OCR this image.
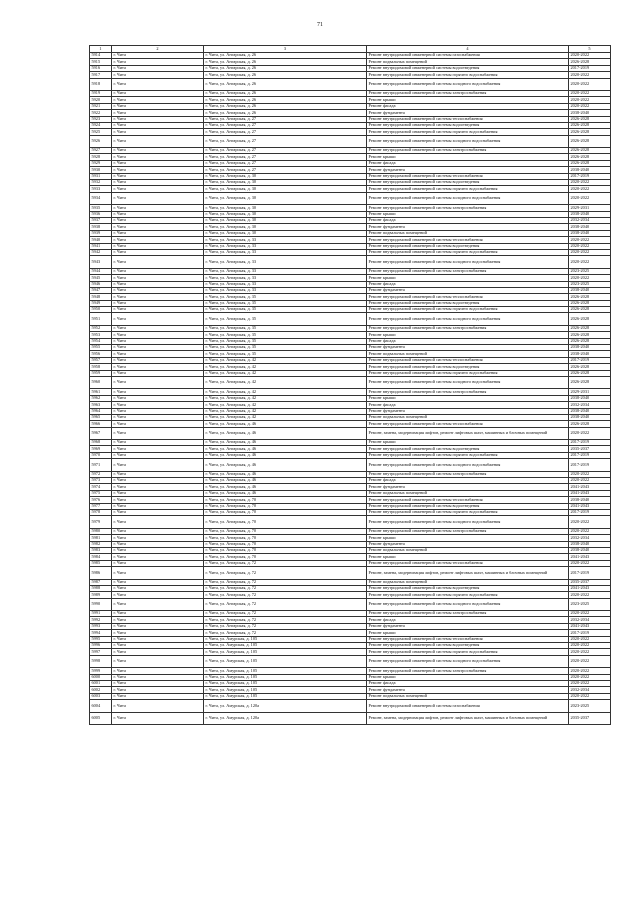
71
1	2	3	4	5
5914	г. Чита	г. Чита, ул. Ангарская, д. 26	Ремонт внутридомовой инженерной системы газоснабжения	2020-2022
5915	г. Чита	г. Чита, ул. Ангарская, д. 26	Ремонт подвальных помещений	2026-2028
5916	г. Чита	г. Чита, ул. Ангарская, д. 26	Ремонт внутридомовой инженерной системы водоотведения	2017-2019
5917	г. Чита	г. Чита, ул. Ангарская, д. 26	Ремонт внутридомовой инженерной системы горячего водоснабжения	2020-2022
5918	г. Чита	г. Чита, ул. Ангарская, д. 26	Ремонт внутридомовой инженерной системы холодного водоснабжения	2020-2022
5919	г. Чита	г. Чита, ул. Ангарская, д. 26	Ремонт внутридомовой инженерной системы электроснабжения	2020-2022
5920	г. Чита	г. Чита, ул. Ангарская, д. 26	Ремонт крыши	2020-2022
5921	г. Чита	г. Чита, ул. Ангарская, д. 26	Ремонт фасада	2020-2022
5922	г. Чита	г. Чита, ул. Ангарская, д. 26	Ремонт фундамента	2038-2040
5923	г. Чита	г. Чита, ул. Ангарская, д. 27	Ремонт внутридомовой инженерной системы теплоснабжения	2026-2028
5924	г. Чита	г. Чита, ул. Ангарская, д. 27	Ремонт внутридомовой инженерной системы водоотведения	2026-2028
5925	г. Чита	г. Чита, ул. Ангарская, д. 27	Ремонт внутридомовой инженерной системы горячего водоснабжения	2026-2028
5926	г. Чита	г. Чита, ул. Ангарская, д. 27	Ремонт внутридомовой инженерной системы холодного водоснабжения	2026-2028
5927	г. Чита	г. Чита, ул. Ангарская, д. 27	Ремонт внутридомовой инженерной системы электроснабжения	2026-2028
5928	г. Чита	г. Чита, ул. Ангарская, д. 27	Ремонт крыши	2026-2028
5929	г. Чита	г. Чита, ул. Ангарская, д. 27	Ремонт фасада	2026-2028
5930	г. Чита	г. Чита, ул. Ангарская, д. 27	Ремонт фундамента	2038-2040
5931	г. Чита	г. Чита, ул. Ангарская, д. 30	Ремонт внутридомовой инженерной системы теплоснабжения	2017-2019
5932	г. Чита	г. Чита, ул. Ангарская, д. 30	Ремонт внутридомовой инженерной системы водоотведения	2020-2022
5933	г. Чита	г. Чита, ул. Ангарская, д. 30	Ремонт внутридомовой инженерной системы горячего водоснабжения	2020-2022
5934	г. Чита	г. Чита, ул. Ангарская, д. 30	Ремонт внутридомовой инженерной системы холодного водоснабжения	2020-2022
5935	г. Чита	г. Чита, ул. Ангарская, д. 30	Ремонт внутридомовой инженерной системы электроснабжения	2029-2031
5936	г. Чита	г. Чита, ул. Ангарская, д. 30	Ремонт крыши	2038-2040
5937	г. Чита	г. Чита, ул. Ангарская, д. 30	Ремонт фасада	2032-2034
5938	г. Чита	г. Чита, ул. Ангарская, д. 30	Ремонт фундамента	2038-2040
5939	г. Чита	г. Чита, ул. Ангарская, д. 30	Ремонт подвальных помещений	2038-2040
5940	г. Чита	г. Чита, ул. Ангарская, д. 33	Ремонт внутридомовой инженерной системы теплоснабжения	2020-2022
5941	г. Чита	г. Чита, ул. Ангарская, д. 33	Ремонт внутридомовой инженерной системы водоотведения	2020-2022
5942	г. Чита	г. Чита, ул. Ангарская, д. 33	Ремонт внутридомовой инженерной системы горячего водоснабжения	2020-2022
5943	г. Чита	г. Чита, ул. Ангарская, д. 33	Ремонт внутридомовой инженерной системы холодного водоснабжения	2020-2022
5944	г. Чита	г. Чита, ул. Ангарская, д. 33	Ремонт внутридомовой инженерной системы электроснабжения	2023-2025
5945	г. Чита	г. Чита, ул. Ангарская, д. 33	Ремонт крыши	2020-2022
5946	г. Чита	г. Чита, ул. Ангарская, д. 33	Ремонт фасада	2023-2025
5947	г. Чита	г. Чита, ул. Ангарская, д. 33	Ремонт фундамента	2038-2040
5948	г. Чита	г. Чита, ул. Ангарская, д. 35	Ремонт внутридомовой инженерной системы теплоснабжения	2026-2028
5949	г. Чита	г. Чита, ул. Ангарская, д. 35	Ремонт внутридомовой инженерной системы водоотведения	2026-2028
5950	г. Чита	г. Чита, ул. Ангарская, д. 35	Ремонт внутридомовой инженерной системы горячего водоснабжения	2026-2028
5951	г. Чита	г. Чита, ул. Ангарская, д. 35	Ремонт внутридомовой инженерной системы холодного водоснабжения	2026-2028
5952	г. Чита	г. Чита, ул. Ангарская, д. 35	Ремонт внутридомовой инженерной системы электроснабжения	2026-2028
5953	г. Чита	г. Чита, ул. Ангарская, д. 35	Ремонт крыши	2026-2028
5954	г. Чита	г. Чита, ул. Ангарская, д. 35	Ремонт фасада	2026-2028
5955	г. Чита	г. Чита, ул. Ангарская, д. 35	Ремонт фундамента	2038-2040
5956	г. Чита	г. Чита, ул. Ангарская, д. 35	Ремонт подвальных помещений	2038-2040
5957	г. Чита	г. Чита, ул. Ангарская, д. 42	Ремонт внутридомовой инженерной системы теплоснабжения	2017-2019
5958	г. Чита	г. Чита, ул. Ангарская, д. 42	Ремонт внутридомовой инженерной системы водоотведения	2026-2028
5959	г. Чита	г. Чита, ул. Ангарская, д. 42	Ремонт внутридомовой инженерной системы горячего водоснабжения	2026-2028
5960	г. Чита	г. Чита, ул. Ангарская, д. 42	Ремонт внутридомовой инженерной системы холодного водоснабжения	2026-2028
5961	г. Чита	г. Чита, ул. Ангарская, д. 42	Ремонт внутридомовой инженерной системы электроснабжения	2029-2031
5962	г. Чита	г. Чита, ул. Ангарская, д. 42	Ремонт крыши	2038-2040
5963	г. Чита	г. Чита, ул. Ангарская, д. 42	Ремонт фасада	2032-2034
5964	г. Чита	г. Чита, ул. Ангарская, д. 42	Ремонт фундамента	2038-2040
5965	г. Чита	г. Чита, ул. Ангарская, д. 42	Ремонт подвальных помещений	2038-2040
5966	г. Чита	г. Чита, ул. Ангарская, д. 46	Ремонт внутридомовой инженерной системы теплоснабжения	2026-2028
5967	г. Чита	г. Чита, ул. Ангарская, д. 46	Ремонт, замена, модернизация лифтов, ремонт лифтовых шахт, машинных и блочных помещений	2020-2022
5968	г. Чита	г. Чита, ул. Ангарская, д. 46	Ремонт крыши	2017-2019
5969	г. Чита	г. Чита, ул. Ангарская, д. 46	Ремонт внутридомовой инженерной системы водоотведения	2035-2037
5970	г. Чита	г. Чита, ул. Ангарская, д. 46	Ремонт внутридомовой инженерной системы горячего водоснабжения	2017-2019
5971	г. Чита	г. Чита, ул. Ангарская, д. 46	Ремонт внутридомовой инженерной системы холодного водоснабжения	2017-2019
5972	г. Чита	г. Чита, ул. Ангарская, д. 46	Ремонт внутридомовой инженерной системы электроснабжения	2020-2022
5973	г. Чита	г. Чита, ул. Ангарская, д. 46	Ремонт фасада	2020-2022
5974	г. Чита	г. Чита, ул. Ангарская, д. 46	Ремонт фундамента	2041-2043
5975	г. Чита	г. Чита, ул. Ангарская, д. 46	Ремонт подвальных помещений	2041-2043
5976	г. Чита	г. Чита, ул. Ангарская, д. 70	Ремонт внутридомовой инженерной системы теплоснабжения	2038-2040
5977	г. Чита	г. Чита, ул. Ангарская, д. 70	Ремонт внутридомовой инженерной системы водоотведения	2041-2043
5978	г. Чита	г. Чита, ул. Ангарская, д. 70	Ремонт внутридомовой инженерной системы горячего водоснабжения	2017-2019
5979	г. Чита	г. Чита, ул. Ангарская, д. 70	Ремонт внутридомовой инженерной системы холодного водоснабжения	2020-2022
5980	г. Чита	г. Чита, ул. Ангарская, д. 70	Ремонт внутридомовой инженерной системы электроснабжения	2020-2022
5981	г. Чита	г. Чита, ул. Ангарская, д. 70	Ремонт крыши	2032-2034
5982	г. Чита	г. Чита, ул. Ангарская, д. 70	Ремонт фундамента	2038-2040
5983	г. Чита	г. Чита, ул. Ангарская, д. 70	Ремонт подвальных помещений	2038-2040
5984	г. Чита	г. Чита, ул. Ангарская, д. 70	Ремонт крыши	2041-2043
5985	г. Чита	г. Чита, ул. Ангарская, д. 72	Ремонт внутридомовой инженерной системы теплоснабжения	2020-2022
5986	г. Чита	г. Чита, ул. Ангарская, д. 72	Ремонт, замена, модернизация лифтов, ремонт лифтовых шахт, машинных и блочных помещений	2017-2019
5987	г. Чита	г. Чита, ул. Ангарская, д. 72	Ремонт подвальных помещений	2035-2037
5988	г. Чита	г. Чита, ул. Ангарская, д. 72	Ремонт внутридомовой инженерной системы водоотведения	2041-2043
5989	г. Чита	г. Чита, ул. Ангарская, д. 72	Ремонт внутридомовой инженерной системы горячего водоснабжения	2020-2022
5990	г. Чита	г. Чита, ул. Ангарская, д. 72	Ремонт внутридомовой инженерной системы холодного водоснабжения	2023-2025
5991	г. Чита	г. Чита, ул. Ангарская, д. 72	Ремонт внутридомовой инженерной системы электроснабжения	2020-2022
5992	г. Чита	г. Чита, ул. Ангарская, д. 72	Ремонт фасада	2032-2034
5993	г. Чита	г. Чита, ул. Ангарская, д. 72	Ремонт фундамента	2041-2043
5994	г. Чита	г. Чита, ул. Ангарская, д. 72	Ремонт крыши	2017-2019
5995	г. Чита	г. Чита, ул. Амурская, д. 105	Ремонт внутридомовой инженерной системы теплоснабжения	2020-2022
5996	г. Чита	г. Чита, ул. Амурская, д. 105	Ремонт внутридомовой инженерной системы водоотведения	2020-2022
5997	г. Чита	г. Чита, ул. Амурская, д. 105	Ремонт внутридомовой инженерной системы горячего водоснабжения	2020-2022
5998	г. Чита	г. Чита, ул. Амурская, д. 105	Ремонт внутридомовой инженерной системы холодного водоснабжения	2020-2022
5999	г. Чита	г. Чита, ул. Амурская, д. 105	Ремонт внутридомовой инженерной системы электроснабжения	2020-2022
6000	г. Чита	г. Чита, ул. Амурская, д. 105	Ремонт крыши	2020-2022
6001	г. Чита	г. Чита, ул. Амурская, д. 105	Ремонт фасада	2020-2022
6002	г. Чита	г. Чита, ул. Амурская, д. 105	Ремонт фундамента	2032-2034
6003	г. Чита	г. Чита, ул. Амурская, д. 105	Ремонт подвальных помещений	2020-2022
6004	г. Чита	г. Чита, ул. Амурская, д. 120а	Ремонт внутридомовой инженерной системы газоснабжения	2023-2025
6005	г. Чита	г. Чита, ул. Амурская, д. 120а	Ремонт, замена, модернизация лифтов, ремонт лифтовых шахт, машинных и блочных помещений	2035-2037
